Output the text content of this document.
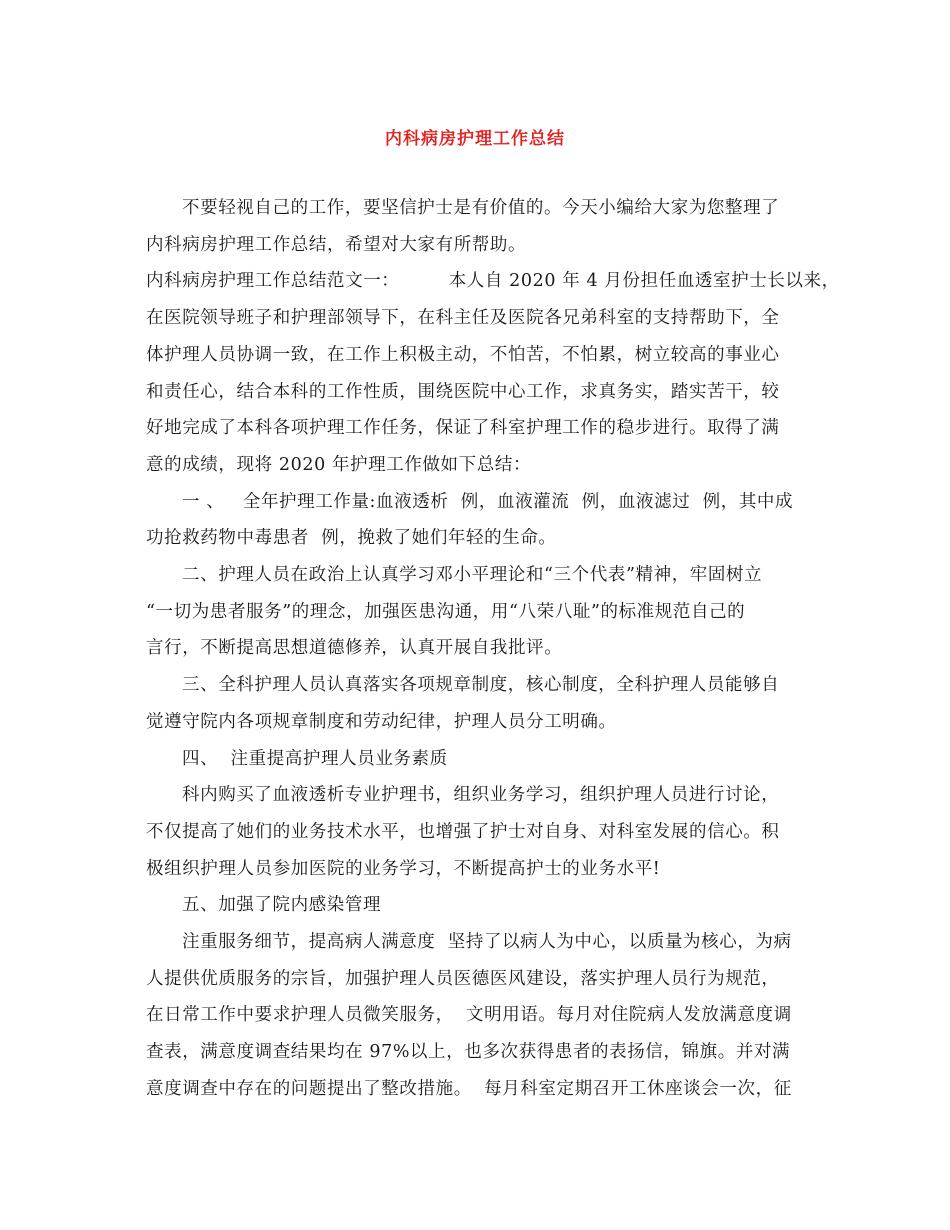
内科病房护理工作总结
不要轻视自己的工作，要坚信护士是有价值的。今天小编给大家为您整理了
内科病房护理工作总结，希望对大家有所帮助。
内科病房护理工作总结范文一：        本人自 2020 年 4 月份担任血透室护士长以来，
在医院领导班子和护理部领导下，在科主任及医院各兄弟科室的支持帮助下，全
体护理人员协调一致，在工作上积极主动，不怕苦，不怕累，树立较高的事业心
和责任心，结合本科的工作性质，围绕医院中心工作，求真务实，踏实苦干，较
好地完成了本科各项护理工作任务，保证了科室护理工作的稳步进行。取得了满
意的成绩，现将 2020 年护理工作做如下总结：
一 、   全年护理工作量:血液透析  例，血液灌流  例，血液滤过  例，其中成
功抢救药物中毒患者  例，挽救了她们年轻的生命。
二、护理人员在政治上认真学习邓小平理论和“三个代表”精神，牢固树立
“一切为患者服务”的理念，加强医患沟通，用“八荣八耻”的标准规范自己的
言行，不断提高思想道德修养，认真开展自我批评。
三、全科护理人员认真落实各项规章制度，核心制度，全科护理人员能够自
觉遵守院内各项规章制度和劳动纪律，护理人员分工明确。
四、  注重提高护理人员业务素质
科内购买了血液透析专业护理书，组织业务学习，组织护理人员进行讨论，
不仅提高了她们的业务技术水平，也增强了护士对自身、对科室发展的信心。积
极组织护理人员参加医院的业务学习，不断提高护士的业务水平!
五、加强了院内感染管理
注重服务细节，提高病人满意度  坚持了以病人为中心，以质量为核心，为病
人提供优质服务的宗旨，加强护理人员医德医风建设，落实护理人员行为规范，
在日常工作中要求护理人员微笑服务，  文明用语。每月对住院病人发放满意度调
查表，满意度调查结果均在 97%以上，也多次获得患者的表扬信，锦旗。并对满
意度调查中存在的问题提出了整改措施。  每月科室定期召开工休座谈会一次，征
